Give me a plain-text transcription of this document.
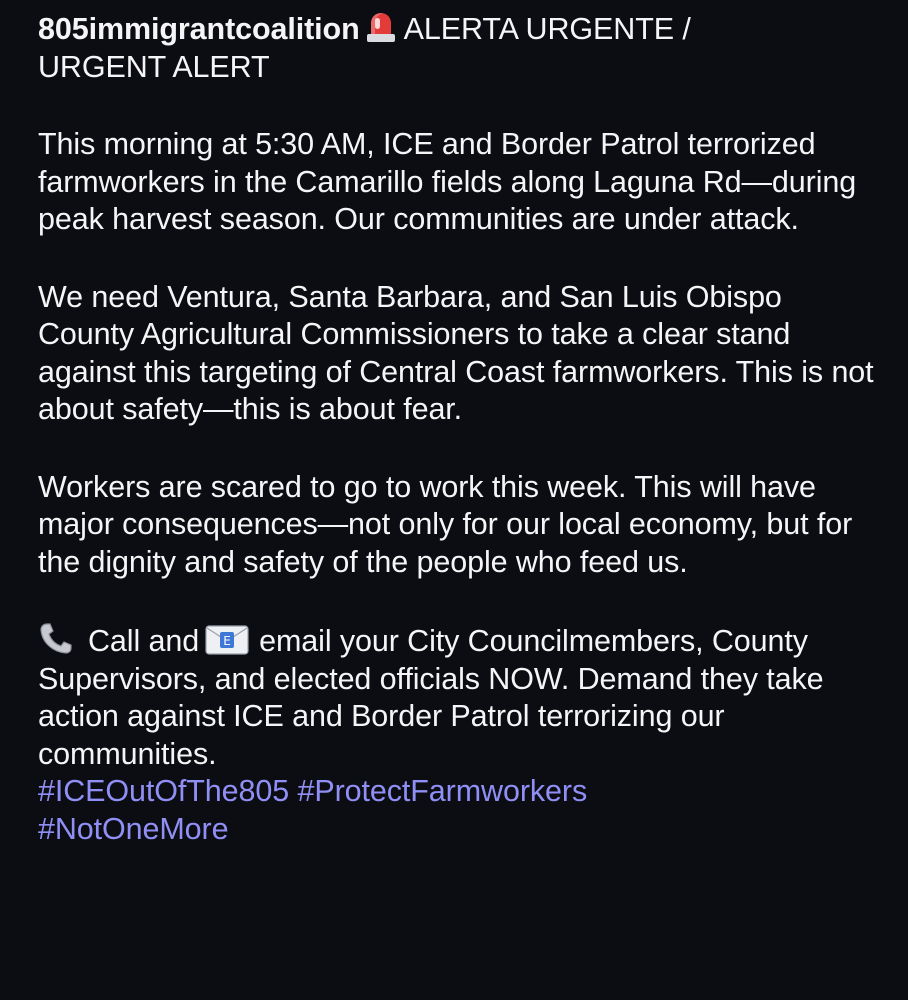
805immigrantcoalition ALERTA URGENTE /
URGENT ALERT

This morning at 5:30 AM, ICE and Border Patrol terrorized farmworkers in the Camarillo fields along Laguna Rd—during peak harvest season. Our communities are under attack.

We need Ventura, Santa Barbara, and San Luis Obispo County Agricultural Commissioners to take a clear stand against this targeting of Central Coast farmworkers. This is not about safety—this is about fear.

Workers are scared to go to work this week. This will have major consequences—not only for our local economy, but for the dignity and safety of the people who feed us.

Call and E email your City Councilmembers, County Supervisors, and elected officials NOW. Demand they take action against ICE and Border Patrol terrorizing our communities.

#ICEOutOfThe805 #ProtectFarmworkers
#NotOneMore
